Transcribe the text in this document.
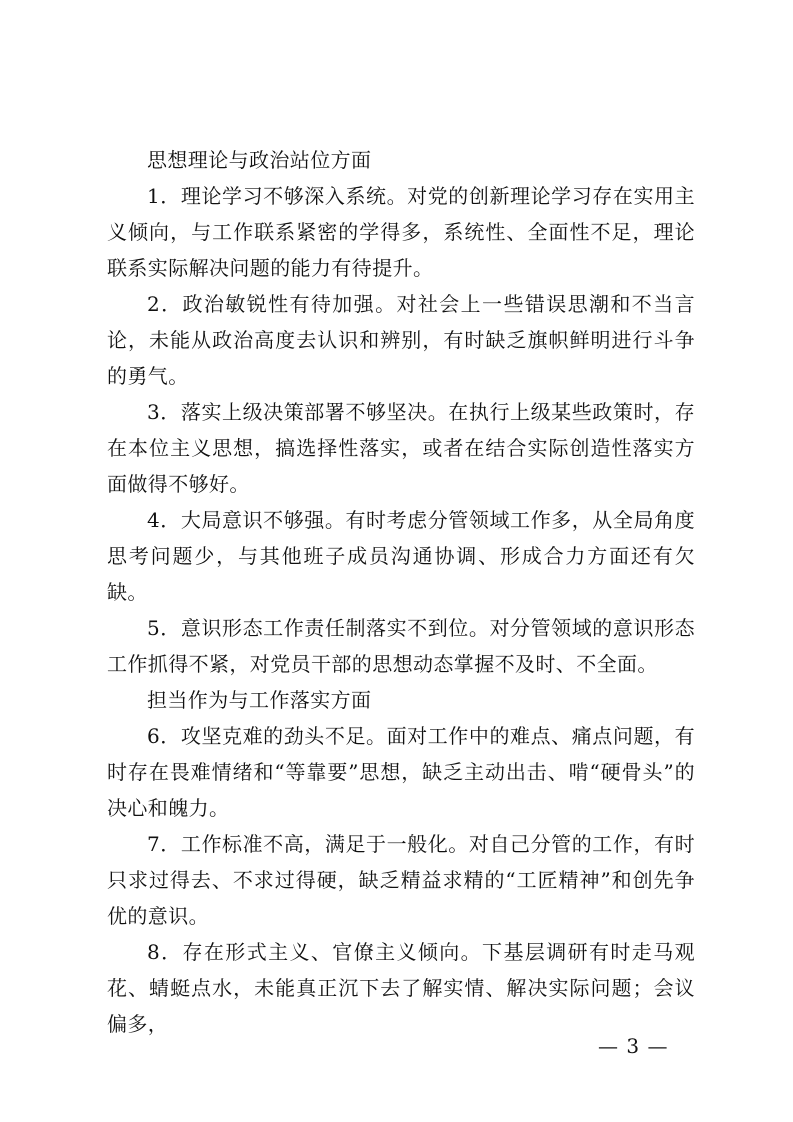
思想理论与政治站位方面

1．理论学习不够深入系统。对党的创新理论学习存在实用主义倾向，与工作联系紧密的学得多，系统性、全面性不足，理论联系实际解决问题的能力有待提升。

2．政治敏锐性有待加强。对社会上一些错误思潮和不当言论，未能从政治高度去认识和辨别，有时缺乏旗帜鲜明进行斗争的勇气。

3．落实上级决策部署不够坚决。在执行上级某些政策时，存在本位主义思想，搞选择性落实，或者在结合实际创造性落实方面做得不够好。

4．大局意识不够强。有时考虑分管领域工作多，从全局角度思考问题少，与其他班子成员沟通协调、形成合力方面还有欠缺。

5．意识形态工作责任制落实不到位。对分管领域的意识形态工作抓得不紧，对党员干部的思想动态掌握不及时、不全面。

担当作为与工作落实方面

6．攻坚克难的劲头不足。面对工作中的难点、痛点问题，有时存在畏难情绪和“等靠要”思想，缺乏主动出击、啃“硬骨头”的决心和魄力。

7．工作标准不高，满足于一般化。对自己分管的工作，有时只求过得去、不求过得硬，缺乏精益求精的“工匠精神”和创先争优的意识。

8．存在形式主义、官僚主义倾向。下基层调研有时走马观花、蜻蜓点水，未能真正沉下去了解实情、解决实际问题；会议偏多，

— 3 —
